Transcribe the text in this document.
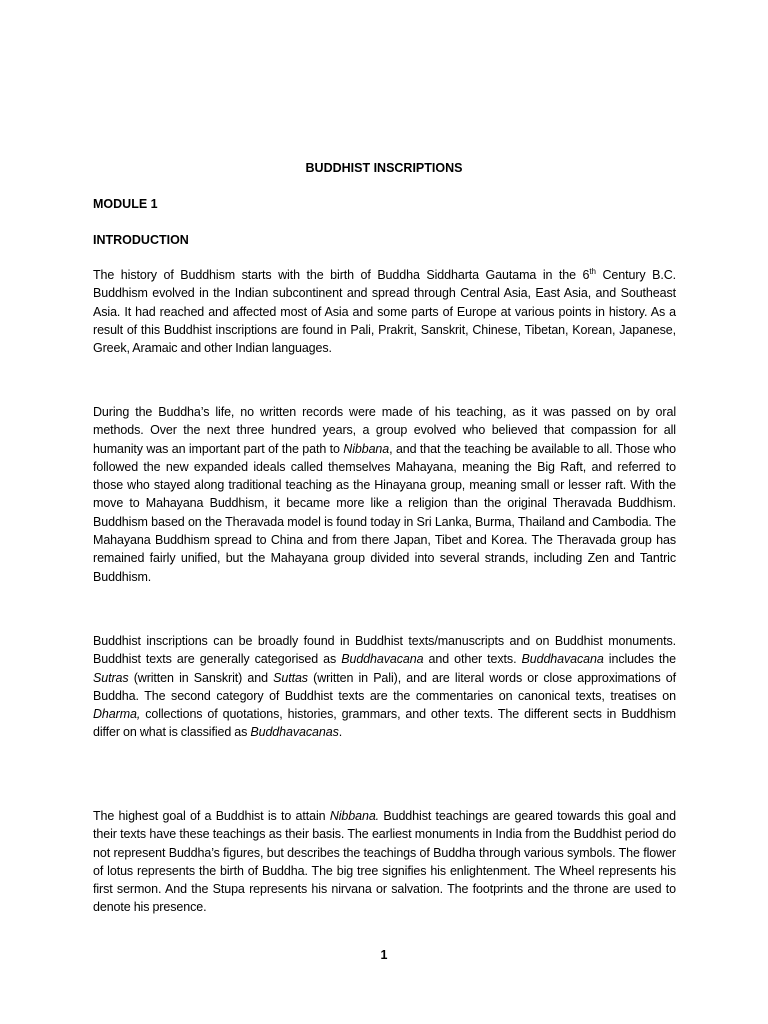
BUDDHIST INSCRIPTIONS
MODULE 1
INTRODUCTION

The history of Buddhism starts with the birth of Buddha Siddharta Gautama in the 6th Century B.C. Buddhism evolved in the Indian subcontinent and spread through Central Asia, East Asia, and Southeast Asia. It had reached and affected most of Asia and some parts of Europe at various points in history. As a result of this Buddhist inscriptions are found in Pali, Prakrit, Sanskrit, Chinese, Tibetan, Korean, Japanese, Greek, Aramaic and other Indian languages.

During the Buddha’s life, no written records were made of his teaching, as it was passed on by oral methods. Over the next three hundred years, a group evolved who believed that compassion for all humanity was an important part of the path to Nibbana, and that the teaching be available to all. Those who followed the new expanded ideals called themselves Mahayana, meaning the Big Raft, and referred to those who stayed along traditional teaching as the Hinayana group, meaning small or lesser raft. With the move to Mahayana Buddhism, it became more like a religion than the original Theravada Buddhism. Buddhism based on the Theravada model is found today in Sri Lanka, Burma, Thailand and Cambodia. The Mahayana Buddhism spread to China and from there Japan, Tibet and Korea. The Theravada group has remained fairly unified, but the Mahayana group divided into several strands, including Zen and Tantric Buddhism.

Buddhist inscriptions can be broadly found in Buddhist texts/manuscripts and on Buddhist monuments. Buddhist texts are generally categorised as Buddhavacana and other texts. Buddhavacana includes the Sutras (written in Sanskrit) and Suttas (written in Pali), and are literal words or close approximations of Buddha. The second category of Buddhist texts are the commentaries on canonical texts, treatises on Dharma, collections of quotations, histories, grammars, and other texts. The different sects in Buddhism differ on what is classified as Buddhavacanas.

The highest goal of a Buddhist is to attain Nibbana. Buddhist teachings are geared towards this goal and their texts have these teachings as their basis. The earliest monuments in India from the Buddhist period do not represent Buddha’s figures, but describes the teachings of Buddha through various symbols. The flower of lotus represents the birth of Buddha. The big tree signifies his enlightenment. The Wheel represents his first sermon. And the Stupa represents his nirvana or salvation. The footprints and the throne are used to denote his presence.

1
